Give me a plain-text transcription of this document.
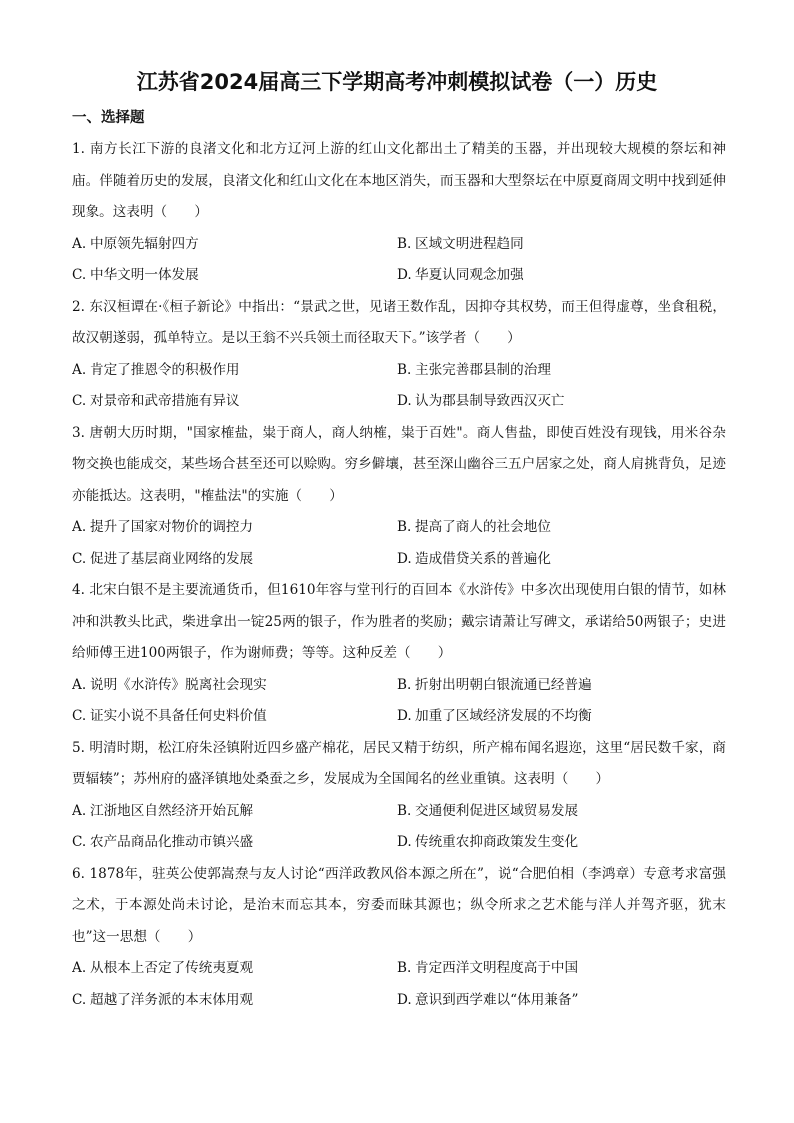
江苏省2024届高三下学期高考冲刺模拟试卷（一）历史
一、选择题

1. 南方长江下游的良渚文化和北方辽河上游的红山文化都出土了精美的玉器，并出现较大规模的祭坛和神庙。伴随着历史的发展，良渚文化和红山文化在本地区消失，而玉器和大型祭坛在中原夏商周文明中找到延伸现象。这表明（　　）

A. 中原领先辐射四方	B. 区域文明进程趋同
C. 中华文明一体发展	D. 华夏认同观念加强

2. 东汉桓谭在·《桓子新论》中指出：“景武之世，见诸王数作乱，因抑夺其权势，而王但得虚尊，坐食租税，故汉朝遂弱，孤单特立。是以王翁不兴兵领土而径取天下。”该学者（　　）

A. 肯定了推恩令的积极作用	B. 主张完善郡县制的治理
C. 对景帝和武帝措施有异议	D. 认为郡县制导致西汉灭亡

3. 唐朝大历时期，"国家榷盐，粜于商人，商人纳榷，粜于百姓"。商人售盐，即使百姓没有现钱，用米谷杂物交换也能成交，某些场合甚至还可以赊购。穷乡僻壤，甚至深山幽谷三五户居家之处，商人肩挑背负，足迹亦能抵达。这表明，"榷盐法"的实施（　　）

A. 提升了国家对物价的调控力	B. 提高了商人的社会地位
C. 促进了基层商业网络的发展	D. 造成借贷关系的普遍化

4. 北宋白银不是主要流通货币，但1610年容与堂刊行的百回本《水浒传》中多次出现使用白银的情节，如林冲和洪教头比武，柴进拿出一锭25两的银子，作为胜者的奖励；戴宗请萧让写碑文，承诺给50两银子；史进给师傅王进100两银子，作为谢师费；等等。这种反差（　　）

A. 说明《水浒传》脱离社会现实	B. 折射出明朝白银流通已经普遍
C. 证实小说不具备任何史料价值	D. 加重了区域经济发展的不均衡

5. 明清时期，松江府朱泾镇附近四乡盛产棉花，居民又精于纺织，所产棉布闻名遐迩，这里“居民数千家，商贾辐辏”；苏州府的盛泽镇地处桑蚕之乡，发展成为全国闻名的丝业重镇。这表明（　　）

A. 江浙地区自然经济开始瓦解	B. 交通便利促进区域贸易发展
C. 农产品商品化推动市镇兴盛	D. 传统重农抑商政策发生变化

6. 1878年，驻英公使郭嵩焘与友人讨论“西洋政教风俗本源之所在”，说“合肥伯相（李鸿章）专意考求富强之术，于本源处尚未讨论，是治末而忘其本，穷委而昧其源也；纵令所求之艺术能与洋人并驾齐驱，犹末也”这一思想（　　）

A. 从根本上否定了传统夷夏观	B. 肯定西洋文明程度高于中国
C. 超越了洋务派的本末体用观	D. 意识到西学难以“体用兼备”
